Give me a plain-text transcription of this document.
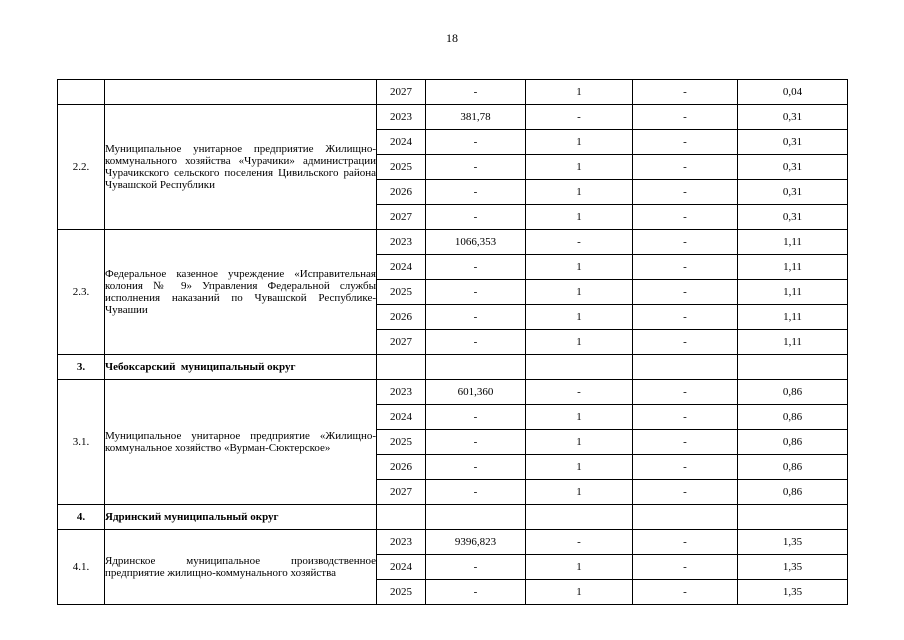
18
		2027	-	1	-	0,04
2.2.	Муниципальное унитарное предприятие Жилищно-коммунального хозяйства «Чурачики» администрации Чурачикского сельского поселения Цивильского района Чувашской Республики	2023	381,78	-	-	0,31
		2024	-	1	-	0,31
		2025	-	1	-	0,31
		2026	-	1	-	0,31
		2027	-	1	-	0,31
2.3.	Федеральное казенное учреждение «Исправительная колония № 9» Управления Федеральной службы исполнения наказаний по Чувашской Республике-Чувашии	2023	1066,353	-	-	1,11
		2024	-	1	-	1,11
		2025	-	1	-	1,11
		2026	-	1	-	1,11
		2027	-	1	-	1,11
3.	Чебоксарский  муниципальный округ					
3.1.	Муниципальное унитарное предприятие «Жилищно-коммунальное хозяйство «Вурман-Сюктерское»	2023	601,360	-	-	0,86
		2024	-	1	-	0,86
		2025	-	1	-	0,86
		2026	-	1	-	0,86
		2027	-	1	-	0,86
4.	Ядринский муниципальный округ					
4.1.	Ядринское муниципальное производственное предприятие жилищно-коммунального хозяйства	2023	9396,823	-	-	1,35
		2024	-	1	-	1,35
		2025	-	1	-	1,35
